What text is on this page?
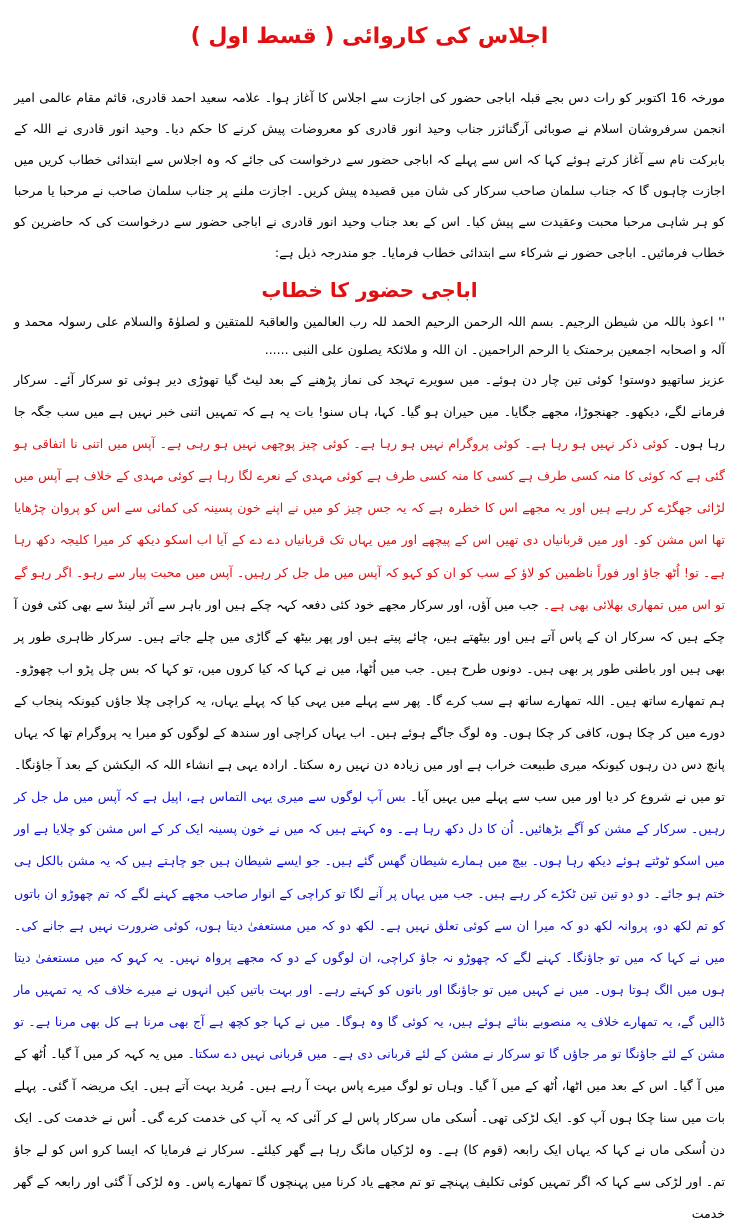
اجلاس کی کاروائی ( قسط اول )
مورخہ 16 اکتوبر کو رات دس بجے قبلہ اباجی حضور کی اجازت سے اجلاس کا آغاز ہوا۔ علامہ سعید احمد قادری، قائم مقام عالمی امیر انجمن سرفروشان اسلام نے صوبائی آرگنائزر جناب وحید انور قادری کو معروضات پیش کرنے کا حکم دیا۔ وحید انور قادری نے اللہ کے بابرکت نام سے آغاز کرتے ہوئے کہا کہ اس سے پہلے کہ اباجی حضور سے درخواست کی جائے کہ وہ اجلاس سے ابتدائی خطاب کریں میں اجازت چاہوں گا کہ جناب سلمان صاحب سرکار کی شان میں قصیدہ پیش کریں۔ اجازت ملنے پر جناب سلمان صاحب نے مرحبا یا مرحبا کو ہر شاہی مرحبا محبت وعقیدت سے پیش کیا۔ اس کے بعد جناب وحید انور قادری نے اباجی حضور سے درخواست کی کہ حاضرین کو خطاب فرمائیں۔ اباجی حضور نے شرکاء سے ابتدائی خطاب فرمایا۔ جو مندرجہ ذیل ہے:
اباجی حضور کا خطاب
'' اعوذ باللہ من شیطن الرجیم۔ بسم اللہ الرحمن الرحیم الحمد للہ رب العالمین والعاقبۃ للمتقین و لصلوٰۃ والسلام علی رسولہ محمد و آلہ و اصحابہ اجمعین برحمتک یا الرحم الراحمین۔ ان اللہ و ملائکۃ یصلون علی النبی ......
عزیز ساتھیو دوستو! کوئی تین چار دن ہوئے۔ میں سویرے تہجد کی نماز پڑھنے کے بعد لیٹ گیا تھوڑی دیر ہوئی تو سرکار آئے۔ سرکار فرمانے لگے، دیکھو۔ جھنجوڑا، مجھے جگایا۔ میں حیران ہو گیا۔ کہا، ہاں سنو! بات یہ ہے کہ تمہیں اتنی خبر نہیں ہے میں سب جگہ جا رہا ہوں۔ کوئی ذکر نہیں ہو رہا ہے۔ کوئی پروگرام نہیں ہو رہا ہے۔ کوئی چیز پوچھی نہیں ہو رہی ہے۔ آپس میں اتنی نا اتفاقی ہو گئی ہے کہ کوئی کا منہ کسی طرف ہے کسی کا منہ کسی طرف ہے کوئی مہدی کے نعرے لگا رہا ہے کوئی مہدی کے خلاف ہے آپس میں لڑائی جھگڑے کر رہے ہیں اور یہ مجھے اس کا خطرہ ہے کہ یہ جس چیز کو میں نے اپنے خون پسینہ کی کمائی سے اس کو پروان چڑھایا تھا اس مشن کو۔ اور میں قربانیاں دی تھیں اس کے پیچھے اور میں یہاں تک قربانیاں دے دے کے آیا اب اسکو دیکھ کر میرا کلیجہ دکھ رہا ہے۔ تو! اُٹھ جاؤ اور فوراً ناظمین کو لاؤ کے سب کو ان کو کہو کہ آپس میں مل جل کر رہیں۔ آپس میں محبت پیار سے رہو۔ اگر رہو گے تو اس میں تمھاری بھلائی بھی ہے۔ جب میں آؤں، اور سرکار مجھے خود کئی دفعہ کہہ چکے ہیں اور باہر سے آئر لینڈ سے بھی کئی فون آ چکے ہیں کہ سرکار ان کے پاس آتے ہیں اور بیٹھتے ہیں، چائے پیتے ہیں اور پھر بیٹھ کے گاڑی میں چلے جاتے ہیں۔ سرکار ظاہری طور پر بھی ہیں اور باطنی طور پر بھی ہیں۔ دونوں طرح ہیں۔ جب میں اُٹھا، میں نے کہا کہ کیا کروں میں، تو کہا کہ بس چل پڑو اب چھوڑو۔ ہم تمھارے ساتھ ہیں۔ اللہ تمھارے ساتھ ہے سب کرے گا۔ پھر سے پہلے میں یہی کیا کہ پہلے یہاں، یہ کراچی چلا جاؤں کیونکہ پنجاب کے دورے میں کر چکا ہوں، کافی کر چکا ہوں۔ وہ لوگ جاگے ہوئے ہیں۔ اب یہاں کراچی اور سندھ کے لوگوں کو میرا یہ پروگرام تھا کہ یہاں پانچ دس دن رہوں کیونکہ میری طبیعت خراب ہے اور میں زیادہ دن نہیں رہ سکتا۔ ارادہ یہی ہے انشاء اللہ کہ الیکشن کے بعد آ جاؤنگا۔ تو میں نے شروع کر دیا اور میں سب سے پہلے میں یہیں آیا۔ بس آپ لوگوں سے میری یہی التماس ہے، اپیل ہے کہ آپس میں مل جل کر رہیں۔ سرکار کے مشن کو آگے بڑھائیں۔ اُن کا دل دکھ رہا ہے۔ وہ کہتے ہیں کہ میں نے خون پسینہ ایک کر کے اس مشن کو چلایا ہے اور میں اسکو ٹوٹتے ہوئے دیکھ رہا ہوں۔ بیچ میں ہمارے شیطان گھس گئے ہیں۔ جو ایسے شیطان ہیں جو چاہتے ہیں کہ یہ مشن بالکل ہی ختم ہو جائے۔ دو دو تین تین ٹکڑے کر رہے ہیں۔ جب میں یہاں پر آنے لگا تو کراچی کے انوار صاحب مجھے کہنے لگے کہ تم چھوڑو ان باتوں کو تم لکھ دو، پروانہ لکھ دو کہ میرا ان سے کوئی تعلق نہیں ہے۔ لکھ دو کہ میں مستعفیٰ دیتا ہوں، کوئی ضرورت نہیں ہے جانے کی۔ میں نے کہا کہ میں تو جاؤنگا۔ کہنے لگے کہ چھوڑو نہ جاؤ کراچی، ان لوگوں کے دو کہ مجھے پرواہ نہیں۔ یہ کہو کہ میں مستعفیٰ دیتا ہوں میں الگ ہوتا ہوں۔ میں نے کہیں میں تو جاؤنگا اور باتوں کو کہتے رہے۔ اور بہت باتیں کیں انہوں نے میرے خلاف کہ یہ تمہیں مار ڈالیں گے، یہ تمھارے خلاف یہ منصوبے بنائے ہوئے ہیں، یہ کوئی گا وہ ہوگا۔ میں نے کہا جو کچھ ہے آج بھی مرنا ہے کل بھی مرنا ہے۔ تو مشن کے لئے جاؤنگا تو مر جاؤں گا تو سرکار نے مشن کے لئے قربانی دی ہے۔ میں قربانی نہیں دے سکتا۔ میں یہ کہہ کر میں آ گیا۔ اُٹھ کے میں آ گیا۔ اس کے بعد میں اٹھا، اُٹھ کے میں آ گیا۔ وہاں تو لوگ میرے پاس بہت آ رہے ہیں۔ مُرید بہت آتے ہیں۔ ایک مریضہ آ گئی۔ پہلے بات میں سنا چکا ہوں آپ کو۔ ایک لڑکی تھی۔ اُسکی ماں سرکار پاس لے کر آئی کہ یہ آپ کی خدمت کرے گی۔ اُس نے خدمت کی۔ ایک دن اُسکی ماں نے کہا کہ یہاں ایک رابعہ (قوم کا) ہے۔ وہ لڑکیاں مانگ رہا ہے گھر کیلئے۔ سرکار نے فرمایا کہ ایسا کرو اس کو لے جاؤ تم۔ اور لڑکی سے کہا کہ اگر تمہیں کوئی تکلیف پہنچے تو تم مجھے یاد کرنا میں پہنچوں گا تمھارے پاس۔ وہ لڑکی آ گئی اور رابعہ کے گھر خدمت
